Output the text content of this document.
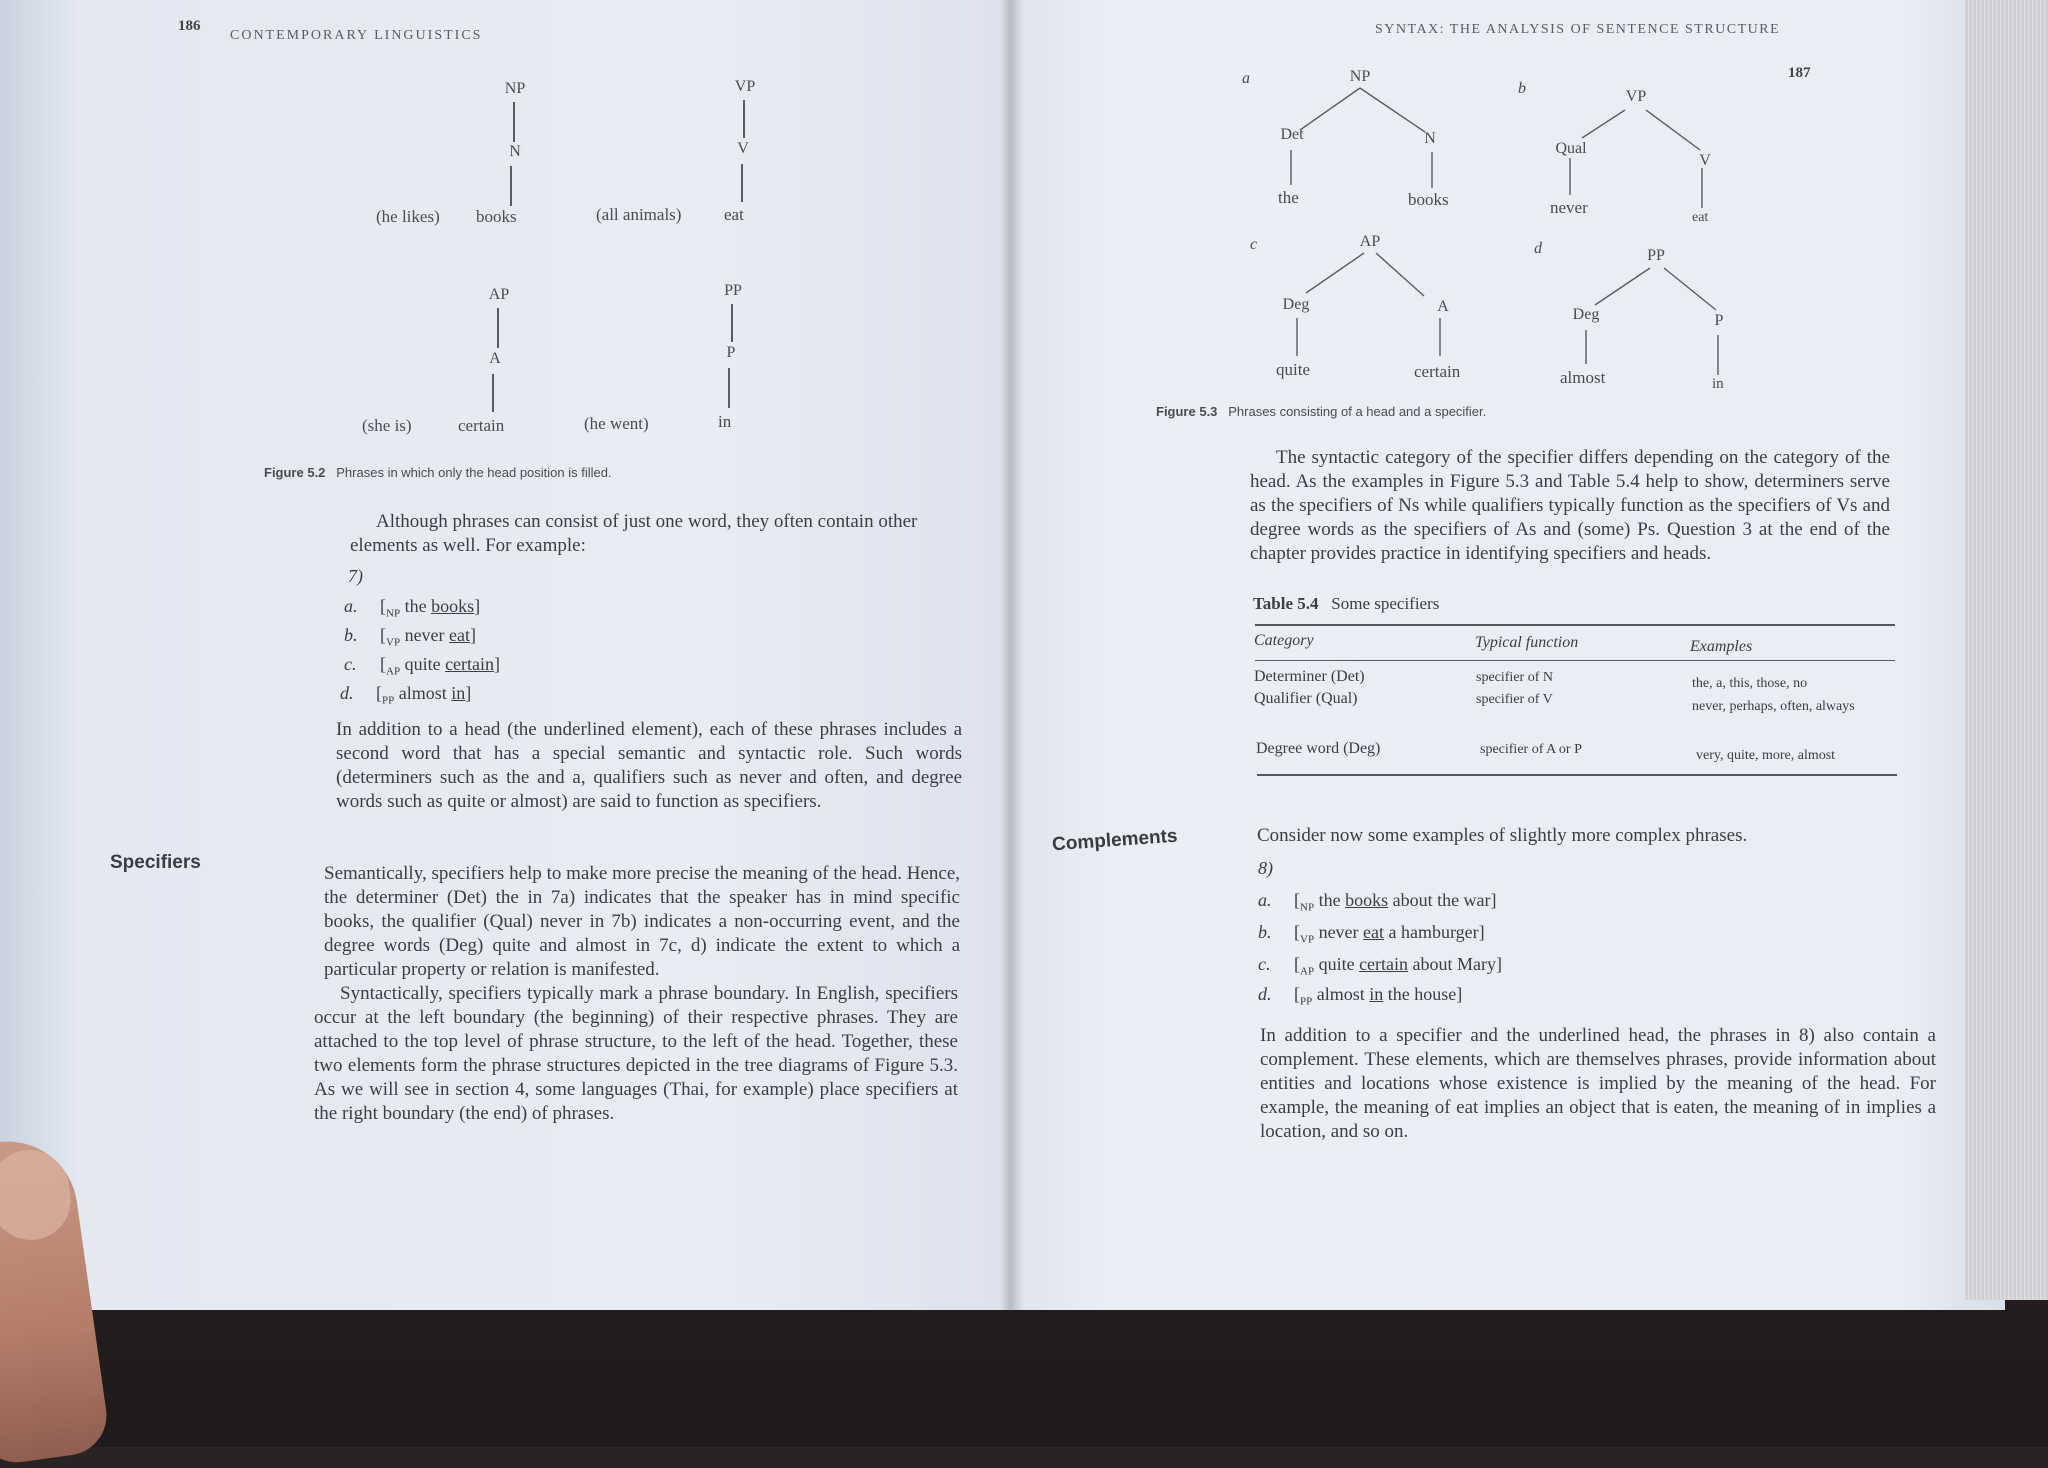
186
CONTEMPORARY LINGUISTICS
NP
N
(he likes) books
VP
V
(all animals)	eat
AP
A
(she is)	certain
PP
P
(he went)	in
Figure 5.2 Phrases in which only the head position is filled.
Although phrases can consist of just one word, they often contain other
elements as well. For example:
7)
a. [$_{NP}$ the books]
b. [$_{VP}$ never eat]
c. [$_{AP}$ quite certain]
d. [$_{PP}$ almost in]
In addition to a head (the underlined element), each of these phrases includes a second word that has a special semantic and syntactic role. Such words (determiners such as the and a, qualifiers such as never and often, and degree words such as quite or almost) are said to function as specifiers.
Specifiers
Semantically, specifiers help to make more precise the meaning of the head. Hence, the determiner (Det) the in 7a) indicates that the speaker has in mind specific books, the qualifier (Qual) never in 7b) indicates a non-occurring event, and the degree words (Deg) quite and almost in 7c, d) indicate the extent to which a particular property or relation is manifested.
Syntactically, specifiers typically mark a phrase boundary. In English, specifiers occur at the left boundary (the beginning) of their respective phrases. They are attached to the top level of phrase structure, to the left of the head. Together, these two elements form the phrase structures depicted in the tree diagrams of Figure 5.3. As we will see in section 4, some languages (Thai, for example) place specifiers at the right boundary (the end) of phrases.
SYNTAX: THE ANALYSIS OF SENTENCE STRUCTURE
187
a	NP
Det	N
the	books
b	VP
Qual
V
never
eat
c	AP
Deg	A
quite	certain
d	PP
Deg	P
almost	in
Figure 5.3 Phrases consisting of a head and a specifier.
The syntactic category of the specifier differs depending on the category of the head. As the examples in Figure 5.3 and Table 5.4 help to show, determiners serve as the specifiers of Ns while qualifiers typically function as the specifiers of Vs and degree words as the specifiers of As and (some) Ps. Question 3 at the end of the chapter provides practice in identifying specifiers and heads.
Table 5.4 Some specifiers
Category	Typical function	Examples
Determiner (Det)	specifier of N	the, a, this, those, no
Qualifier (Qual)	specifier of V	never, perhaps, often, always
Degree word (Deg)	specifier of A or P	very, quite, more, almost
Complements	Consider now some examples of slightly more complex phrases.
8)
a. [$_{NP}$ the books about the war]
b. [$_{VP}$ never eat a hamburger]
c. [$_{AP}$ quite certain about Mary]
d. [$_{PP}$ almost in the house]
In addition to a specifier and the underlined head, the phrases in 8) also contain a complement. These elements, which are themselves phrases, provide information about entities and locations whose existence is implied by the meaning of the head. For example, the meaning of eat implies an object that is eaten, the meaning of in implies a location, and so on.
